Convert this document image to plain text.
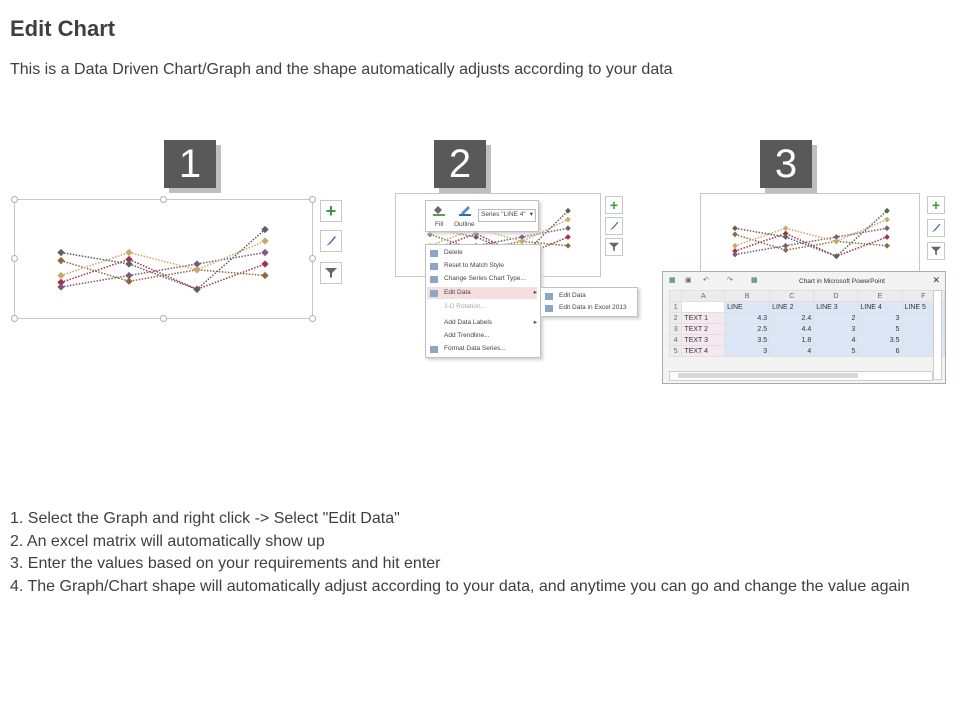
Edit Chart
This is a Data Driven Chart/Graph and the shape automatically adjusts according to your data
1
+
2
Fill Outline
Series "LINE 4" ▾
Delete
Reset to Match Style
Change Series Chart Type...
Edit Data	▸
3-D Rotation...
Add Data Labels	▸
Add Trendline...
Format Data Series...
Edit Data
Edit Data in Excel 2013
+
3
+
▦ ▣ ↶	↷	▦	Chart in Microsoft PowerPoint	✕
	A	B	C	D	E	F
1		LINE	LINE 2	LINE 3	LINE 4	LINE 5
2	TEXT 1	4.3	2.4	2	3	
3	TEXT 2	2.5	4.4	3	5	
4	TEXT 3	3.5	1.8	4	3.5	
5	TEXT 4	3	4	5	6	
1. Select the Graph and right click -> Select "Edit Data"
2. An excel matrix will automatically show up
3. Enter the values based on your requirements and hit enter
4. The Graph/Chart shape will automatically adjust according to your data, and anytime you can go and change the value again
